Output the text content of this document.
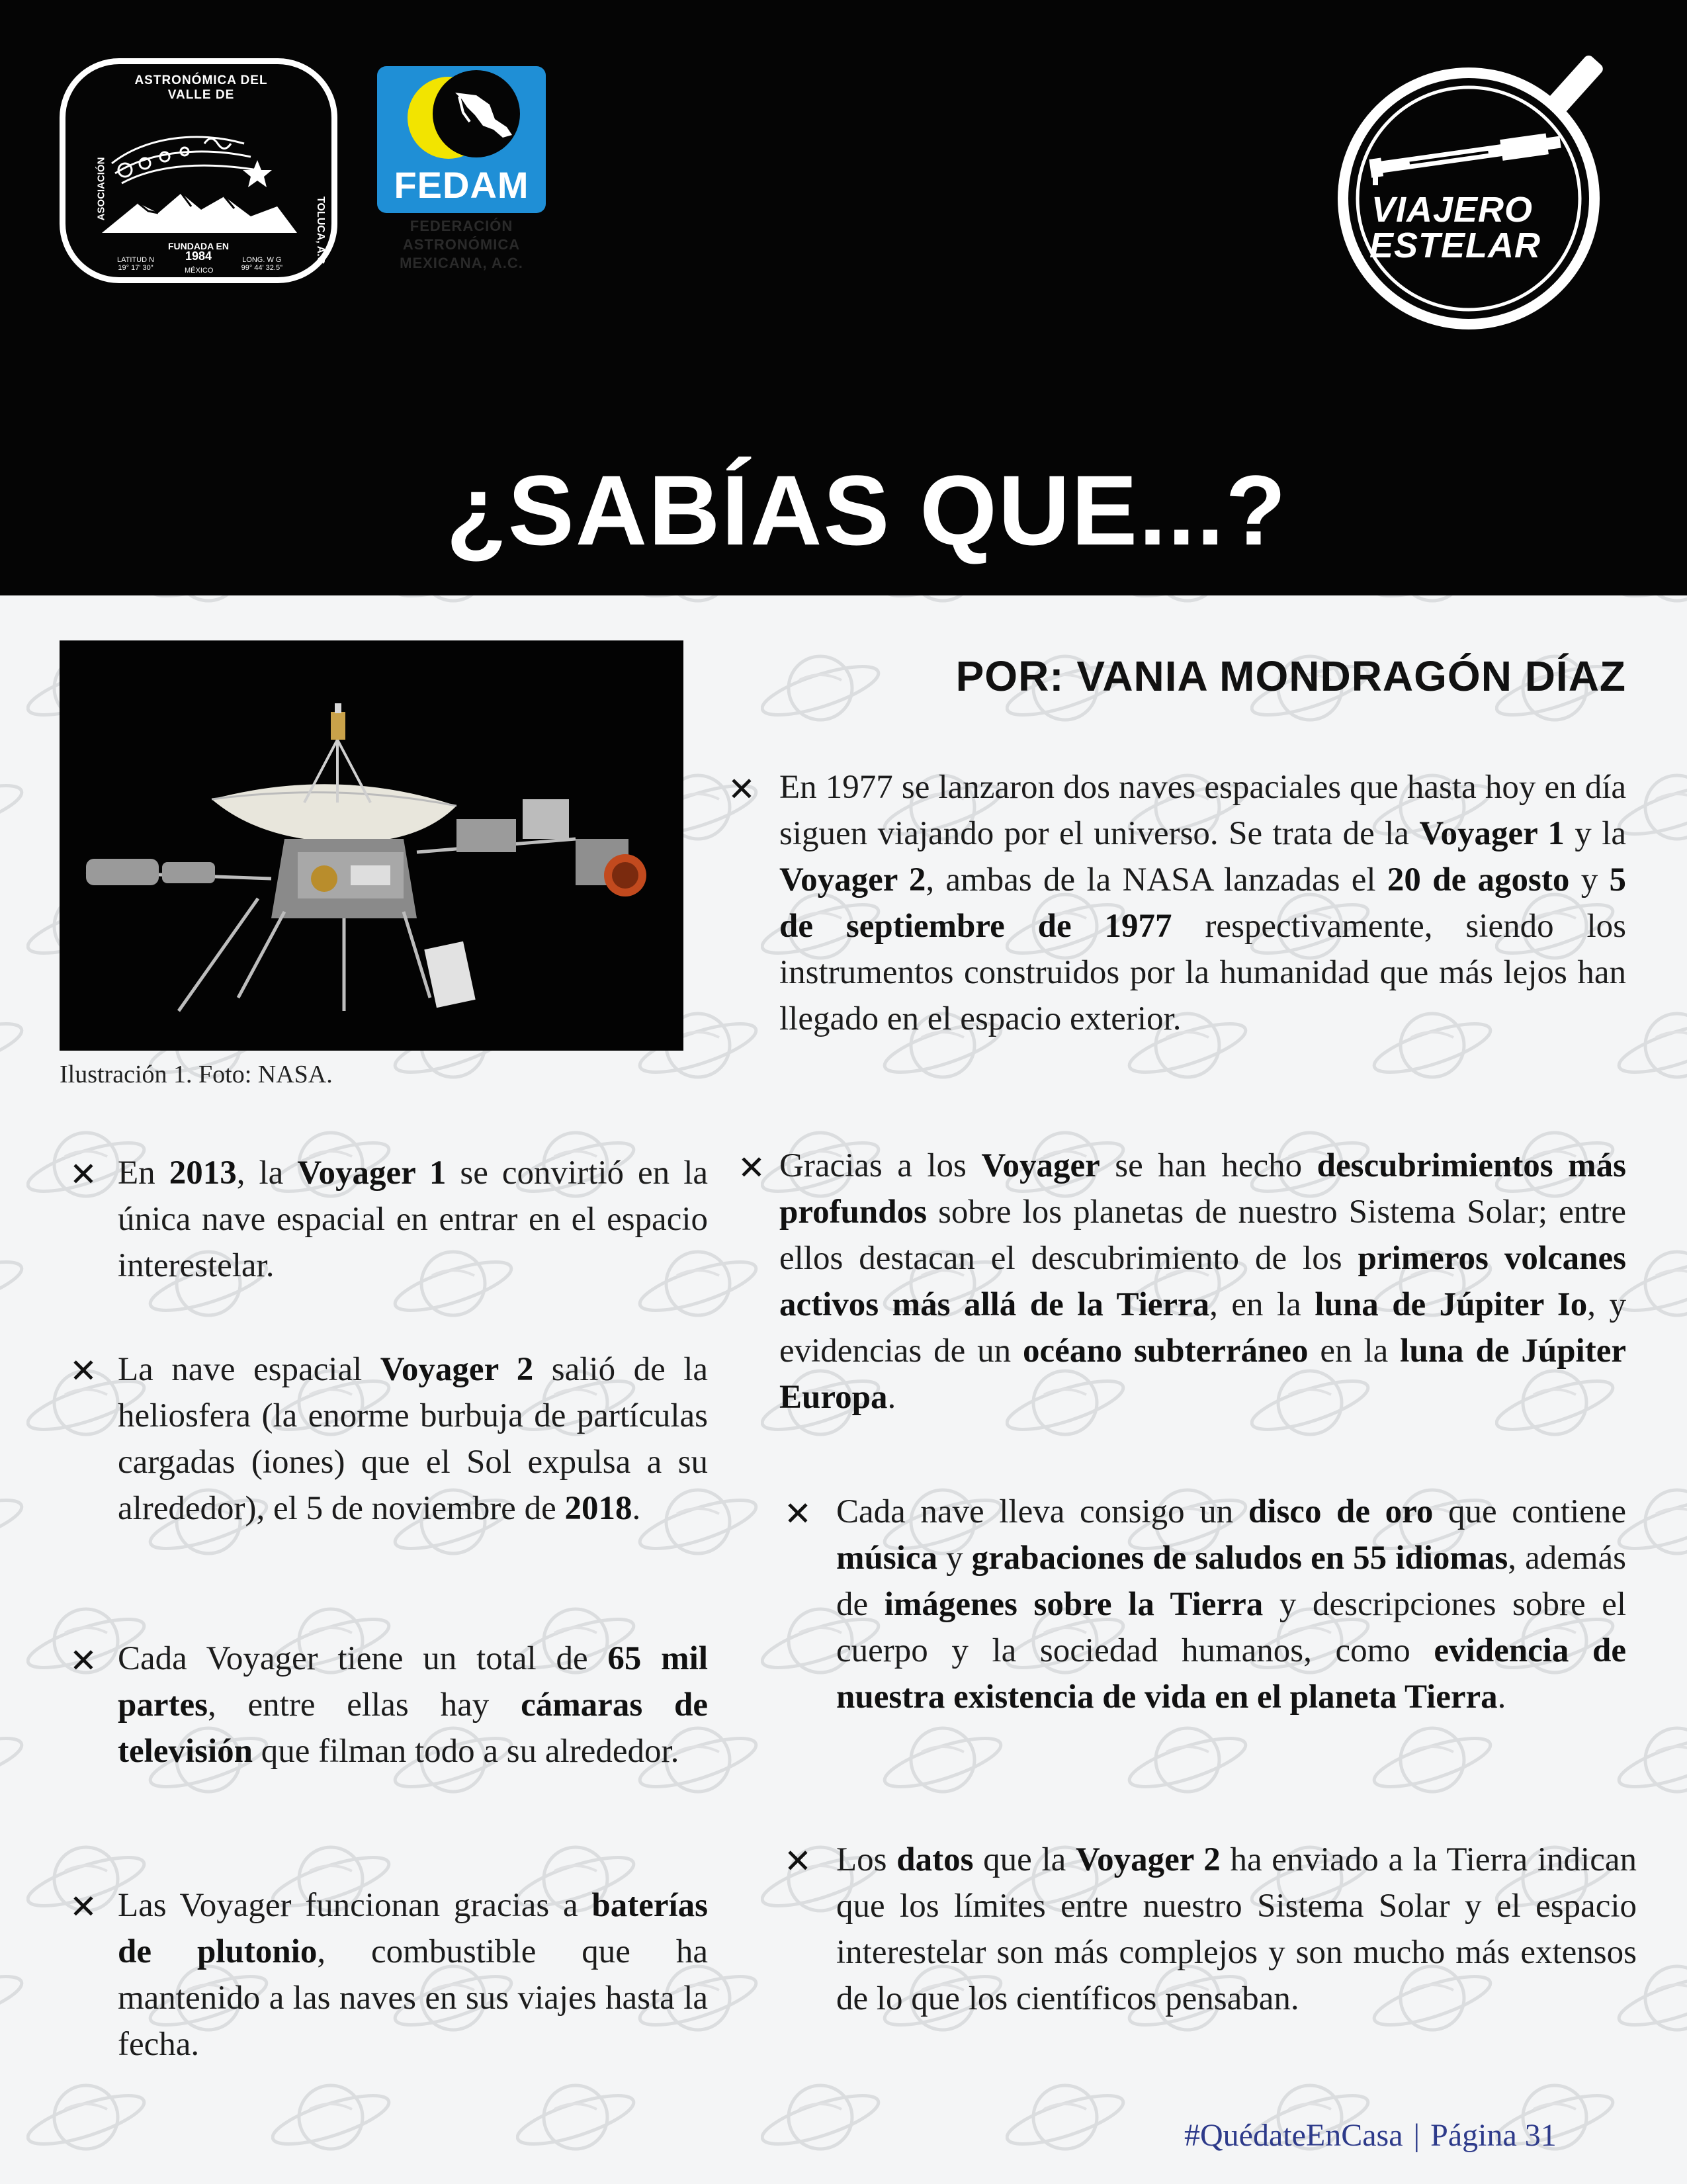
ASTRONÓMICA DEL VALLE DE
ASOCIACIÓN
TOLUCA, A.C.
FUNDADA EN
1984
LATITUD N
19° 17' 30"	MÉXICO
LONG. W G
99° 44' 32.5"
FEDAM
FEDERACIÓN
ASTRONÓMICA
MEXICANA, A.C.
VIAJERO
ESTELAR
¿SABÍAS QUE...?
Ilustración 1. Foto: NASA.
POR: VANIA MONDRAGÓN DÍAZ
✕ En 1977 se lanzaron dos naves espaciales que hasta hoy en día siguen viajando por el universo. Se trata de la Voyager 1 y la Voyager 2, ambas de la NASA lanzadas el 20 de agosto y 5 de septiembre de 1977 respectivamente, siendo los instrumentos construidos por la humanidad que más lejos han llegado en el espacio exterior.
✕ Gracias a los Voyager se han hecho descubrimientos más profundos sobre los planetas de nuestro Sistema Solar; entre ellos destacan el descubrimiento de los primeros volcanes activos más allá de la Tierra, en la luna de Júpiter Io, y evidencias de un océano subterráneo en la luna de Júpiter Europa.
✕ Cada nave lleva consigo un disco de oro que contiene música y grabaciones de saludos en 55 idiomas, además de imágenes sobre la Tierra y descripciones sobre el cuerpo y la sociedad humanos, como evidencia de nuestra existencia de vida en el planeta Tierra.
✕ Los datos que la Voyager 2 ha enviado a la Tierra indican que los límites entre nuestro Sistema Solar y el espacio interestelar son más complejos y son mucho más extensos de lo que los científicos pensaban.
✕ En 2013, la Voyager 1 se convirtió en la única nave espacial en entrar en el espacio interestelar.
✕ La nave espacial Voyager 2 salió de la heliosfera (la enorme burbuja de partículas cargadas (iones) que el Sol expulsa a su alrededor), el 5 de noviembre de 2018.
✕ Cada Voyager tiene un total de 65 mil partes, entre ellas hay cámaras de televisión que filman todo a su alrededor.
✕ Las Voyager funcionan gracias a baterías de plutonio, combustible que ha mantenido a las naves en sus viajes hasta la fecha.
#QuédateEnCasa | Página 31
